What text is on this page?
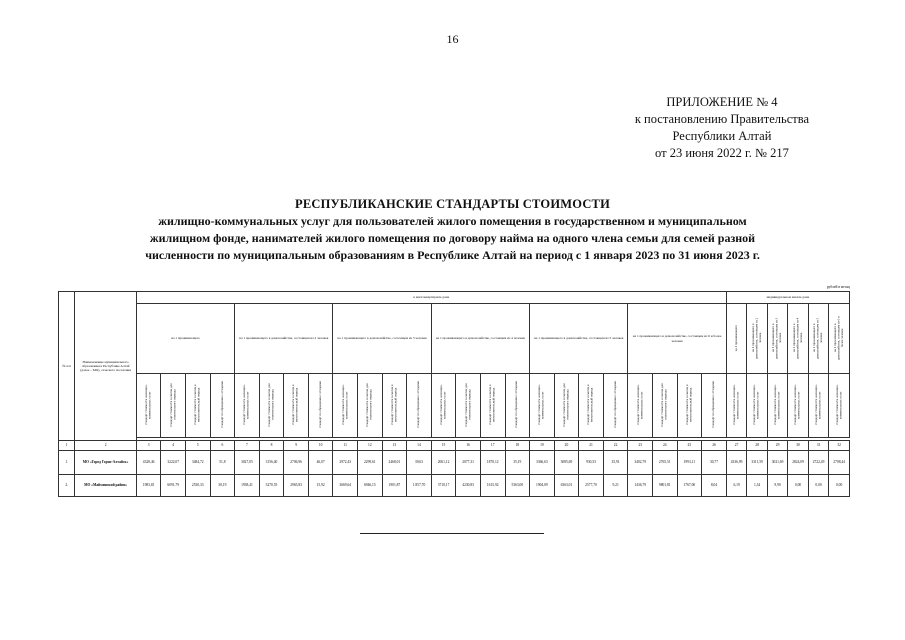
16
ПРИЛОЖЕНИЕ № 4
к постановлению Правительства
Республики Алтай
от 23 июня 2022 г. № 217
РЕСПУБЛИКАНСКИЕ СТАНДАРТЫ СТОИМОСТИ
жилищно-коммунальных услуг для пользователей жилого помещения в государственном и муниципальном
жилищном фонде, нанимателей жилого помещения по договору найма на одного члена семьи для семей разной
численности по муниципальным образованиям в Республике Алтай на период с 1 января 2023 по 31 июня 2023 г.
рублей в месяц
№ п/п	Наименование муниципального образования в Республике Алтай (далее – МО), сельского поселения	в многоквартирном доме																								индивидуальном жилом доме					

		на 1 проживающего				на 1 проживающего в домохозяйстве, состоящем из 2 человек				на 1 проживающего в домохозяйстве, состоящем из 3 человек				на 1 проживающего в домохозяйстве, состоящем из 4 человек				на 1 проживающего в домохозяйстве, состоящем из 5 человек				на 1 проживающего в домохозяйстве, состоящем из 6 и более человек				на 1 проживающего	на 1 проживающего в домохозяйстве, состоящем из 2 человек	на 1 проживающего в домохозяйстве, состоящем из 3 человек	на 1 проживающего в домохозяйстве, состоящем из 4 человек	на 1 проживающего в домохозяйстве, состоящем из 5 человек	на 1 проживающего в домохозяйстве, состоящем из 6 и более человек
		стандарт стоимости жилищно-коммунальных услуг	стандарт стоимости за месяц для отопительного периода	стандарт стоимости за месяц в межотопительный период	стандарт по обращению с отходами	стандарт стоимости жилищно-коммунальных услуг	стандарт стоимости за месяц для отопительного периода	стандарт стоимости за месяц в межотопительный период	стандарт по обращению с отходами	стандарт стоимости жилищно-коммунальных услуг	стандарт стоимости за месяц для отопительного периода	стандарт стоимости за месяц в межотопительный период	стандарт по обращению с отходами	стандарт стоимости жилищно-коммунальных услуг	стандарт стоимости за месяц для отопительного периода	стандарт стоимости за месяц в межотопительный период	стандарт по обращению с отходами	стандарт стоимости жилищно-коммунальных услуг	стандарт стоимости за месяц для отопительного периода	стандарт стоимости за месяц в межотопительный период	стандарт по обращению с отходами	стандарт стоимости жилищно-коммунальных услуг	стандарт стоимости за месяц для отопительного периода	стандарт стоимости за месяц в межотопительный период	стандарт по обращению с отходами	стандарт стоимости жилищно-коммунальных услуг	стандарт стоимости жилищно-коммунальных услуг	стандарт стоимости жилищно-коммунальных услуг	стандарт стоимости жилищно-коммунальных услуг	стандарт стоимости жилищно-коммунальных услуг	стандарт стоимости жилищно-коммунальных услуг

1	2	3	4	5	6	7	8	9	10	11	12	13	14	15	16	17	18	19	20	21	22	23	24	25	26	27	28	29	30	31	32
1.	МО «Город Горно-Алтайск»	4328,46	3222,07	3484,72	51,8	3027,05	3156,40	2706,96	46,07	2972,43	2299,61	2468,01	39,63	2061,12	2077,31	1870,12	35,19	3366,63	3085,69	930,53	35,91	3402,79	2765,51	1993,11	30,77	4336,99	3311,59	3021,69	2824,09	2722,49	2708,44
2.	МО «Майминский район»	1983,81	6091,79	2530,33	30,19	1938,41	3270,55	2965,83	15,92	3669,64	6946,15	1901,87	1.857,70	3710,17	4230,83	1615,92	5363,00	1904,09	6363,01	2577,70	9,21	1436,79	9801,81	1767,00	8,04	6,19	1,34	9,90	0,00	0,00	0,00
